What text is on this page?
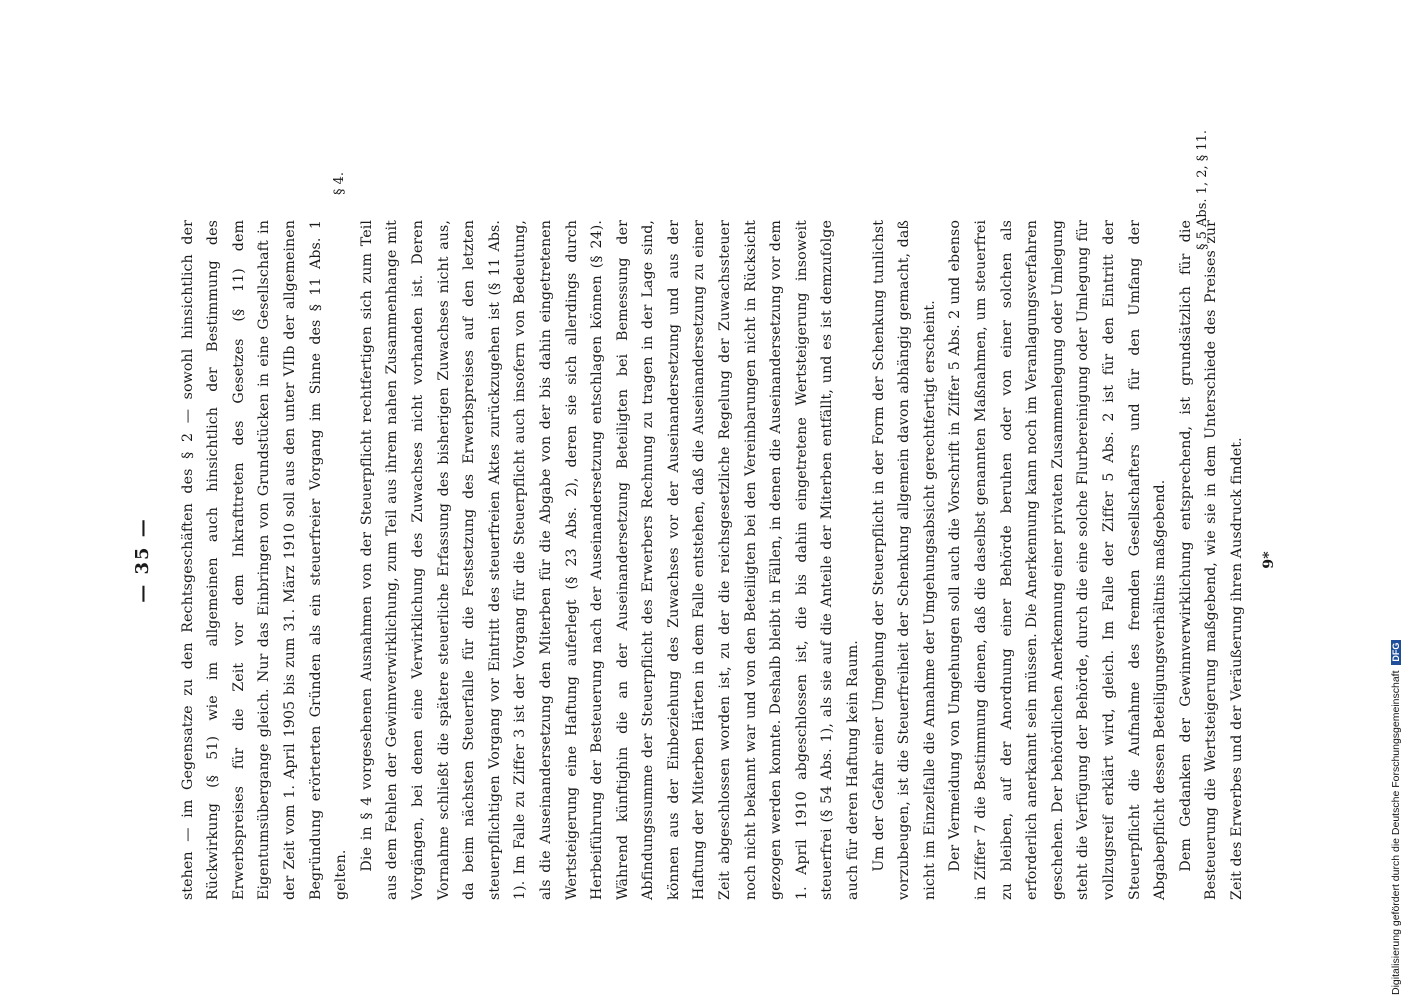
— 35 — stehen — im Gegensatze zu den Rechtsgeschäften des § 2 — sowohl hinsichtlich der Rückwirkung (§ 51) wie im allgemeinen auch hinsichtlich der Bestimmung des Erwerbspreises für die Zeit vor dem Inkrafttreten des Gesetzes (§ 11) dem Eigentumsübergange gleich. Nur das Einbringen von Grundstücken in eine Gesellschaft in der Zeit vom 1. April 1905 bis zum 31. März 1910 soll aus den unter VIIb der allgemeinen Begründung erörterten Gründen als ein steuerfreier Vorgang im Sinne des § 11 Abs. 1 gelten.

Die in § 4 vorgesehenen Ausnahmen von der Steuerpflicht rechtfertigen sich zum Teil aus dem Fehlen der Gewinnverwirklichung, zum Teil aus ihrem nahen Zusammenhange mit Vorgängen, bei denen eine Verwirklichung des Zuwachses nicht vorhanden ist. Deren Vornahme schließt die spätere steuerliche Erfassung des bisherigen Zuwachses nicht aus, da beim nächsten Steuerfalle für die Festsetzung des Erwerbspreises auf den letzten steuerpflichtigen Vorgang vor Eintritt des steuerfreien Aktes zurückzugehen ist (§ 11 Abs. 1). Im Falle zu Ziffer 3 ist der Vorgang für die Steuerpflicht auch insofern von Bedeutung, als die Auseinandersetzung den Miterben für die Abgabe von der bis dahin eingetretenen Wertsteigerung eine Haftung auferlegt (§ 23 Abs. 2), deren sie sich allerdings durch Herbeiführung der Besteuerung nach der Auseinandersetzung entschlagen können (§ 24). Während künftighin die an der Auseinandersetzung Beteiligten bei Bemessung der Abfindungssumme der Steuerpflicht des Erwerbers Rechnung zu tragen in der Lage sind, können aus der Einbeziehung des Zuwachses vor der Auseinandersetzung und aus der Haftung der Miterben Härten in dem Falle entstehen, daß die Auseinandersetzung zu einer Zeit abgeschlossen worden ist, zu der die reichsgesetzliche Regelung der Zuwachssteuer noch nicht bekannt war und von den Beteiligten bei den Vereinbarungen nicht in Rücksicht gezogen werden konnte. Deshalb bleibt in Fällen, in denen die Auseinandersetzung vor dem 1. April 1910 abgeschlossen ist, die bis dahin eingetretene Wertsteigerung insoweit steuerfrei (§ 54 Abs. 1), als sie auf die Anteile der Miterben entfällt, und es ist demzufolge auch für deren Haftung kein Raum. Um der Gefahr einer Umgehung der Steuerpflicht in der Form der Schenkung tunlichst vorzubeugen, ist die Steuerfreiheit der Schenkung allgemein davon abhängig gemacht, daß nicht im Einzelfalle die Annahme der Umgehungsabsicht gerechtfertigt erscheint. Der Vermeidung von Umgehungen soll auch die Vorschrift in Ziffer 5 Abs. 2 und ebenso in Ziffer 7 die Bestimmung dienen, daß die daselbst genannten Maßnahmen, um steuerfrei zu bleiben, auf der Anordnung einer Behörde beruhen oder von einer solchen als erforderlich anerkannt sein müssen. Die Anerkennung kann noch im Veranlagungsverfahren geschehen. Der behördlichen Anerkennung einer privaten Zusammenlegung oder Umlegung steht die Verfügung der Behörde, durch die eine solche Flurbereinigung oder Umlegung für vollzugsreif erklärt wird, gleich. Im Falle der Ziffer 5 Abs. 2 ist für den Eintritt der Steuerpflicht die Aufnahme des fremden Gesellschafters und für den Umfang der Abgabepflicht dessen Beteiligungsverhältnis maßgebend. Dem Gedanken der Gewinnverwirklichung entsprechend, ist grundsätzlich für die Besteuerung die Wertsteigerung maßgebend, wie sie in dem Unterschiede des Preises zur Zeit des Erwerbes und der Veräußerung ihren Ausdruck findet.	9*
§ 4.	§ 5 Abs. 1, 2, § 11.
Digitalisierung gefördert durch die Deutsche Forschungsgemeinschaft DFG
